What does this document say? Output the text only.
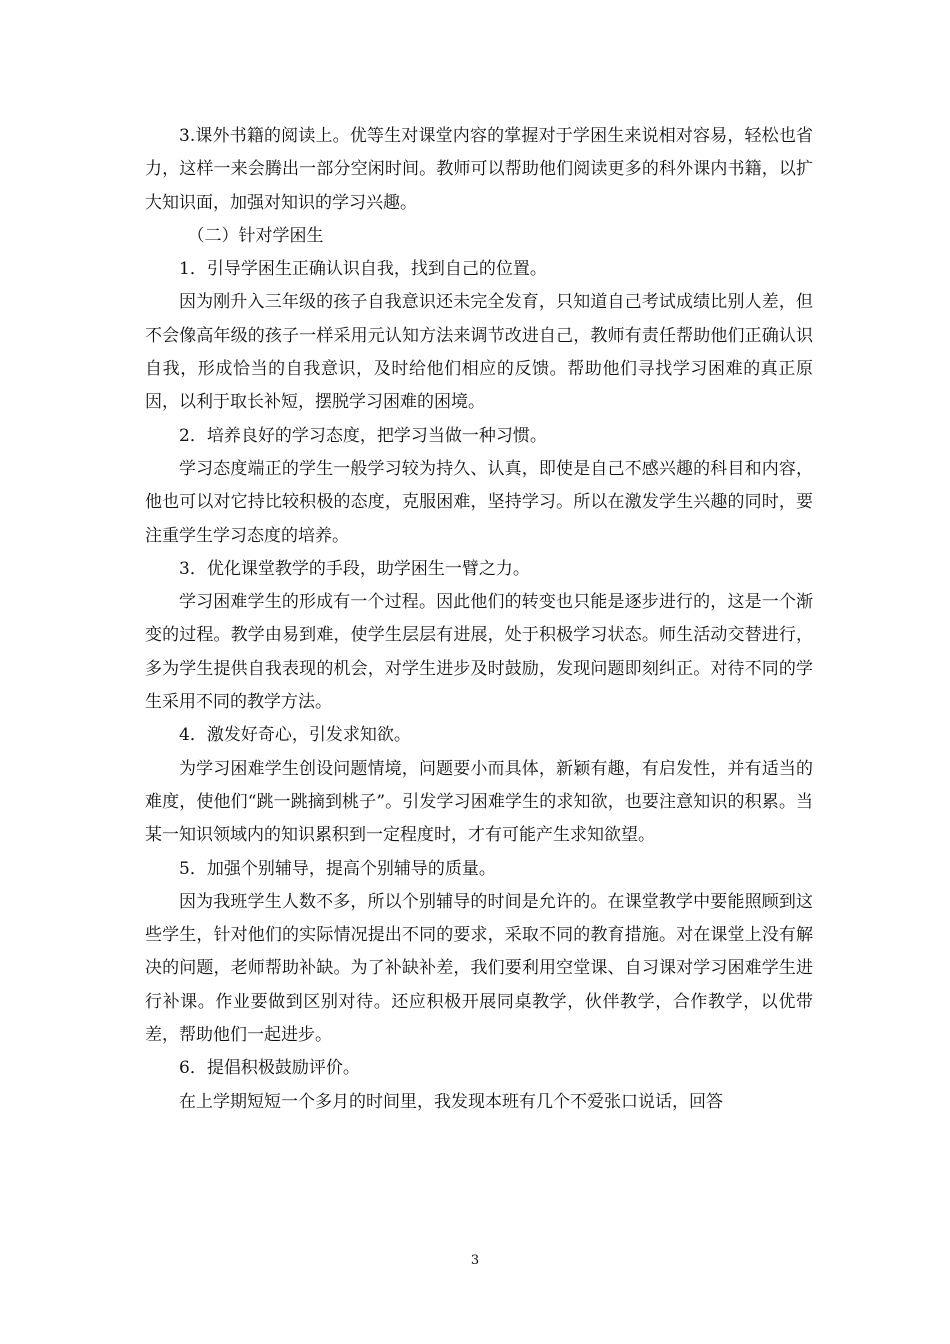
3.课外书籍的阅读上。优等生对课堂内容的掌握对于学困生来说相对容易，轻松也省力，这样一来会腾出一部分空闲时间。教师可以帮助他们阅读更多的科外课内书籍，以扩大知识面，加强对知识的学习兴趣。

（二）针对学困生

1．引导学困生正确认识自我，找到自己的位置。

因为刚升入三年级的孩子自我意识还未完全发育，只知道自己考试成绩比别人差，但不会像高年级的孩子一样采用元认知方法来调节改进自己，教师有责任帮助他们正确认识自我，形成恰当的自我意识，及时给他们相应的反馈。帮助他们寻找学习困难的真正原因，以利于取长补短，摆脱学习困难的困境。

2．培养良好的学习态度，把学习当做一种习惯。

学习态度端正的学生一般学习较为持久、认真，即使是自己不感兴趣的科目和内容，他也可以对它持比较积极的态度，克服困难，坚持学习。所以在激发学生兴趣的同时，要注重学生学习态度的培养。

3．优化课堂教学的手段，助学困生一臂之力。

学习困难学生的形成有一个过程。因此他们的转变也只能是逐步进行的，这是一个渐变的过程。教学由易到难，使学生层层有进展，处于积极学习状态。师生活动交替进行，多为学生提供自我表现的机会，对学生进步及时鼓励，发现问题即刻纠正。对待不同的学生采用不同的教学方法。

4．激发好奇心，引发求知欲。

为学习困难学生创设问题情境，问题要小而具体，新颖有趣，有启发性，并有适当的难度，使他们“跳一跳摘到桃子”。引发学习困难学生的求知欲，也要注意知识的积累。当某一知识领域内的知识累积到一定程度时，才有可能产生求知欲望。

5．加强个别辅导，提高个别辅导的质量。

因为我班学生人数不多，所以个别辅导的时间是允许的。在课堂教学中要能照顾到这些学生，针对他们的实际情况提出不同的要求，采取不同的教育措施。对在课堂上没有解决的问题，老师帮助补缺。为了补缺补差，我们要利用空堂课、自习课对学习困难学生进行补课。作业要做到区别对待。还应积极开展同桌教学，伙伴教学，合作教学，以优带差，帮助他们一起进步。

6．提倡积极鼓励评价。

在上学期短短一个多月的时间里，我发现本班有几个不爱张口说话，回答

3
